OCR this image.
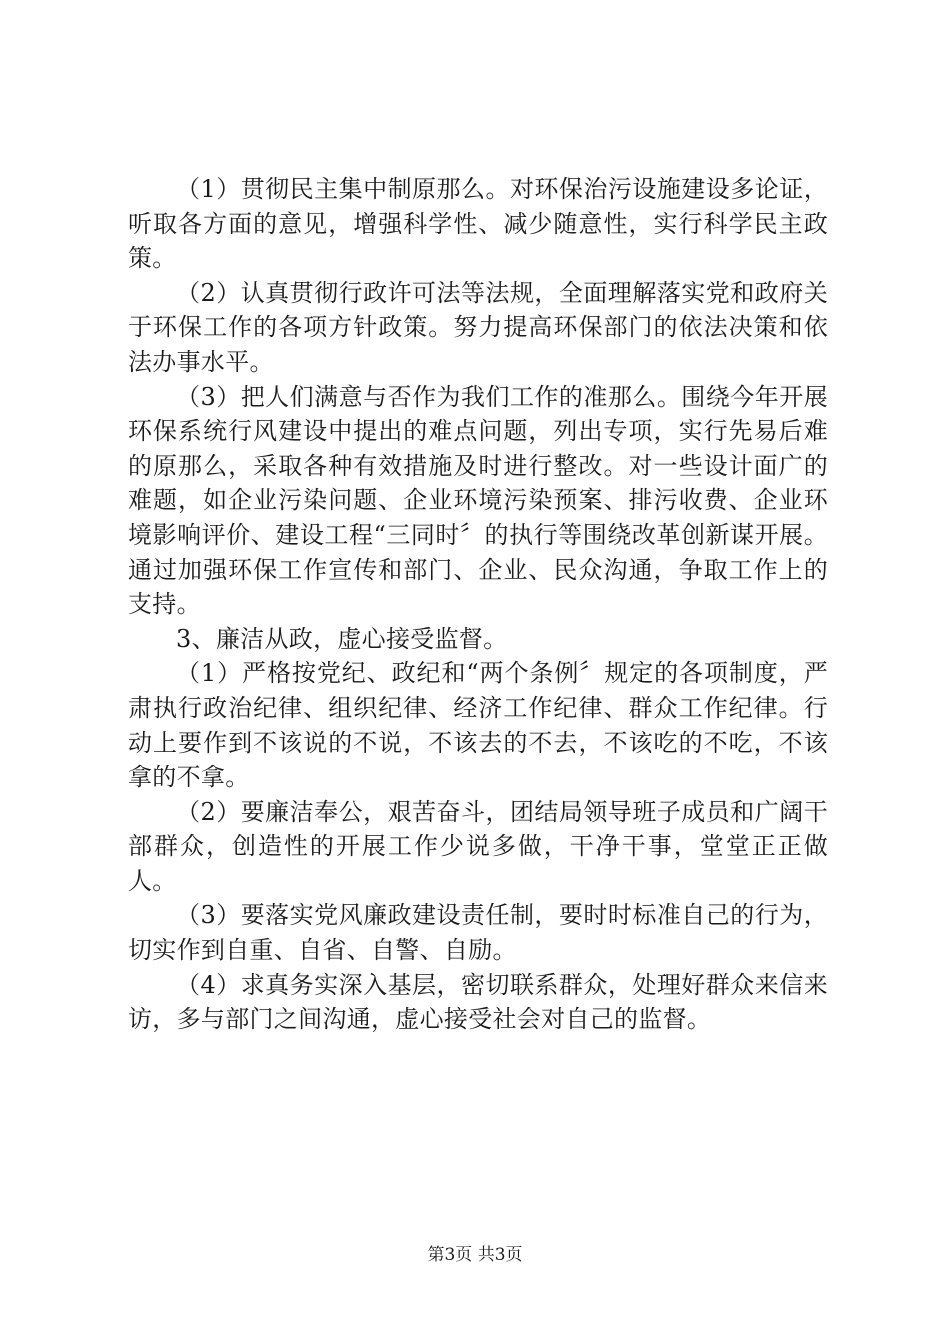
（1）贯彻民主集中制原那么。对环保治污设施建设多论证，听取各方面的意见，增强科学性、减少随意性，实行科学民主政策。

（2）认真贯彻行政许可法等法规，全面理解落实党和政府关于环保工作的各项方针政策。努力提高环保部门的依法决策和依法办事水平。

（3）把人们满意与否作为我们工作的准那么。围绕今年开展环保系统行风建设中提出的难点问题，列出专项，实行先易后难的原那么，采取各种有效措施及时进行整改。对一些设计面广的难题，如企业污染问题、企业环境污染预案、排污收费、企业环境影响评价、建设工程“三同时〞的执行等围绕改革创新谋开展。通过加强环保工作宣传和部门、企业、民众沟通，争取工作上的支持。

3、廉洁从政，虚心接受监督。

（1）严格按党纪、政纪和“两个条例〞规定的各项制度，严肃执行政治纪律、组织纪律、经济工作纪律、群众工作纪律。行动上要作到不该说的不说，不该去的不去，不该吃的不吃，不该拿的不拿。

（2）要廉洁奉公，艰苦奋斗，团结局领导班子成员和广阔干部群众，创造性的开展工作少说多做，干净干事，堂堂正正做人。

（3）要落实党风廉政建设责任制，要时时标准自己的行为，切实作到自重、自省、自警、自励。

（4）求真务实深入基层，密切联系群众，处理好群众来信来访，多与部门之间沟通，虚心接受社会对自己的监督。

第3页 共3页
